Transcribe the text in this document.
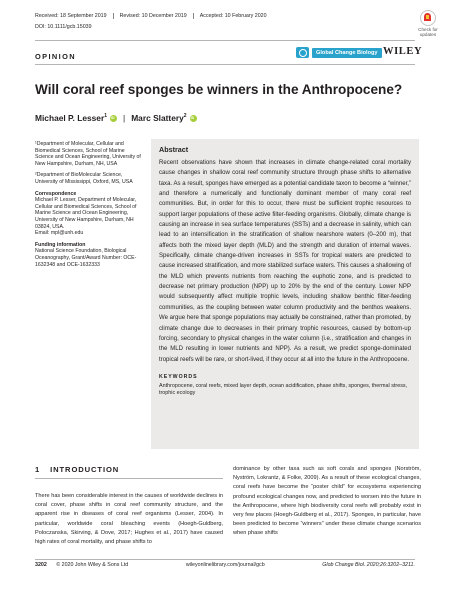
Received: 18 September 2019	Revised: 10 December 2019	Accepted: 10 February 2020
DOI: 10.1111/gcb.15039	Check for updates
OPINION	Global Change Biology WILEY
Will coral reef sponges be winners in the Anthropocene?
Michael P. Lesser$^1$
iD | Marc Slattery$^2$
iD

¹Department of Molecular, Cellular and Biomedical Sciences, School of Marine Science and Ocean Engineering, University of New Hampshire, Durham, NH, USA

²Department of BioMolecular Science, University of Mississippi, Oxford, MS, USA

Correspondence
Michael P. Lesser, Department of Molecular, Cellular and Biomedical Sciences, School of Marine Science and Ocean Engineering, University of New Hampshire, Durham, NH 03824, USA.

Email: mpl@unh.edu

Funding information

National Science Foundation, Biological Oceanography, Grant/Award Number: OCE-1632348 and OCE-1632333

Abstract
Recent observations have shown that increases in climate change-related coral mortality cause changes in shallow coral reef community structure through phase shifts to alternative taxa. As a result, sponges have emerged as a potential candidate taxon to become a “winner,” and therefore a numerically and functionally dominant member of many coral reef communities. But, in order for this to occur, there must be sufficient trophic resources to support larger populations of these active filter-feeding organisms. Globally, climate change is causing an increase in sea surface temperatures (SSTs) and a decrease in salinity, which can lead to an intensification in the stratification of shallow nearshore waters (0–200 m), that affects both the mixed layer depth (MLD) and the strength and duration of internal waves. Specifically, climate change-driven increases in SSTs for tropical waters are predicted to cause increased stratification, and more stabilized surface waters. This causes a shallowing of the MLD which prevents nutrients from reaching the euphotic zone, and is predicted to decrease net primary production (NPP) up to 20% by the end of the century. Lower NPP would subsequently affect multiple trophic levels, including shallow benthic filter-feeding communities, as the coupling between water column productivity and the benthos weakens. We argue here that sponge populations may actually be constrained, rather than promoted, by climate change due to decreases in their primary trophic resources, caused by bottom-up forcing, secondary to physical changes in the water column (i.e., stratification and changes in the MLD resulting in lower nutrients and NPP). As a result, we predict sponge-dominated tropical reefs will be rare, or short-lived, if they occur at all into the future in the Anthropocene.
KEYWORDS
Anthropocene, coral reefs, mixed layer depth, ocean acidification, phase shifts, sponges, thermal stress, trophic ecology
1 INTRODUCTION
There has been considerable interest in the causes of worldwide declines in coral cover, phase shifts in coral reef community structure, and the apparent rise in diseases of coral reef organisms (Lesser, 2004). In particular, worldwide coral bleaching events (Hoegh-Guldberg, Poloczanska, Skirving, & Dove, 2017; Hughes et al., 2017) have caused high rates of coral mortality, and phase shifts to
dominance by other taxa such as soft corals and sponges (Norström, Nyström, Lokrantz, & Folke, 2009). As a result of these ecological changes, coral reefs have become the “poster child” for ecosystems experiencing profound ecological changes now, and predicted to worsen into the future in the Anthropocene, where high biodiversity coral reefs will probably exist in very few places (Hoegh-Guldberg et al., 2017). Sponges, in particular, have been predicted to become “winners” under these climate change scenarios when phase shifts
3202 © 2020 John Wiley & Sons Ltd	wileyonlinelibrary.com/journal/gcb	Glob Change Biol. 2020;26:3202–3211.
